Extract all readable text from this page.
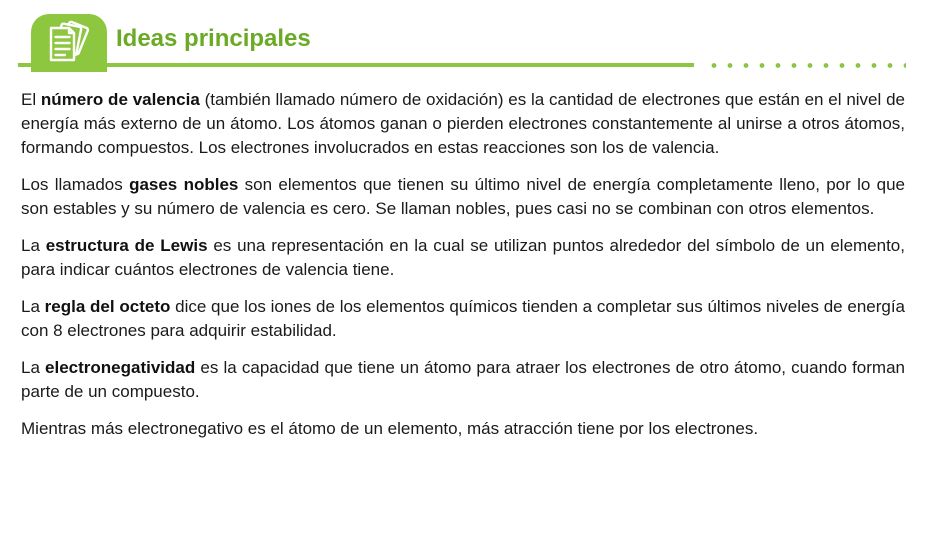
Ideas principales

El número de valencia (también llamado número de oxidación) es la cantidad de electrones que están en el nivel de energía más externo de un átomo. Los átomos ganan o pierden electrones constantemente al unirse a otros átomos, formando compuestos. Los electrones involucrados en estas reacciones son los de valencia.

Los llamados gases nobles son elementos que tienen su último nivel de energía completamente lleno, por lo que son estables y su número de valencia es cero. Se llaman nobles, pues casi no se combinan con otros elementos.

La estructura de Lewis es una representación en la cual se utilizan puntos alrededor del símbolo de un elemento, para indicar cuántos electrones de valencia tiene.

La regla del octeto dice que los iones de los elementos químicos tienden a completar sus últimos niveles de energía con 8 electrones para adquirir estabilidad.

La electronegatividad es la capacidad que tiene un átomo para atraer los electrones de otro átomo, cuando forman parte de un compuesto.

Mientras más electronegativo es el átomo de un elemento, más atracción tiene por los electrones.
